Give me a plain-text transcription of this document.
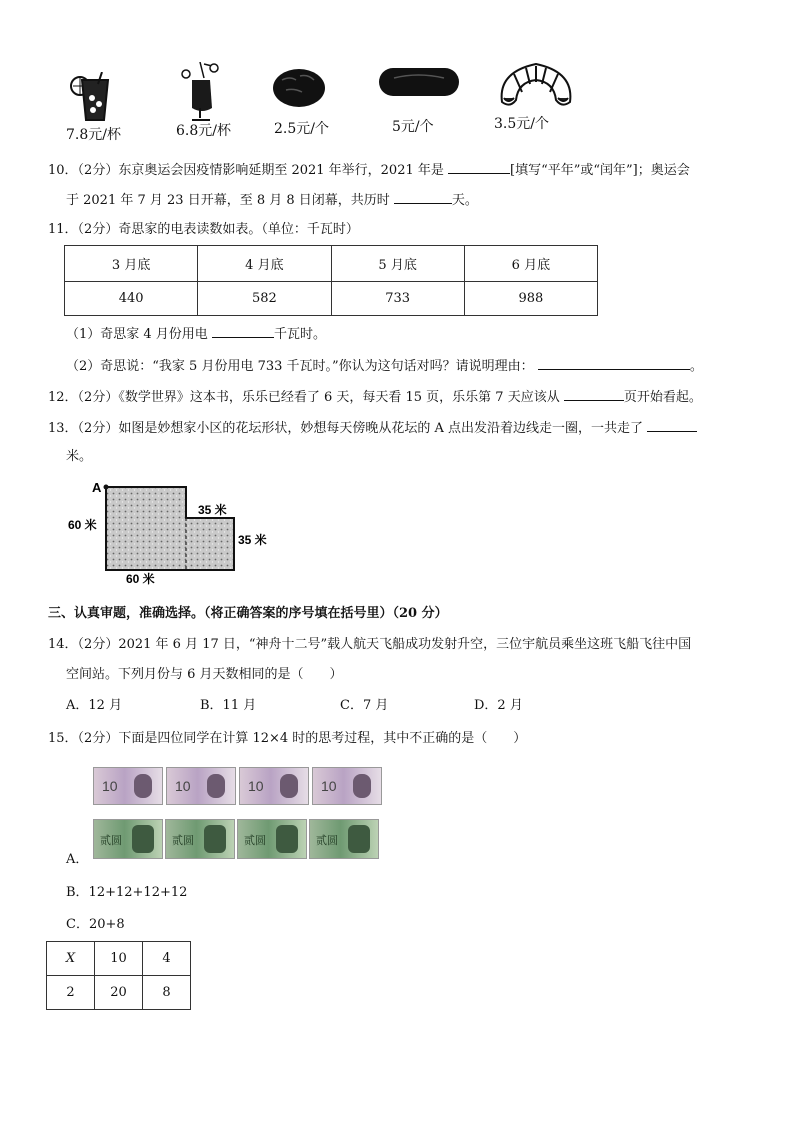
7.8元/杯	6.8元/杯	2.5元/个	5元/个	3.5元/个
10．（2分）东京奥运会因疫情影响延期至 2021 年举行，2021 年是	[填写“平年”或“闰年”]；奥运会
于 2021 年 7 月 23 日开幕，至 8 月 8 日闭幕，共历时	天。
11．（2分）奇思家的电表读数如表。（单位：千瓦时）
3 月底	4 月底	5 月底	6 月底
440	582	733	988
（1）奇思家 4 月份用电	千瓦时。
（2）奇思说：“我家 5 月份用电 733 千瓦时。”你认为这句话对吗？请说明理由：	。
12．（2分）《数学世界》这本书，乐乐已经看了 6 天，每天看 15 页，乐乐第 7 天应该从	页开始看起。
13．（2分）如图是妙想家小区的花坛形状，妙想每天傍晚从花坛的 A 点出发沿着边线走一圈，一共走了
米。
A
60 米
60 米
35 米
35 米
三、认真审题，准确选择。（将正确答案的序号填在括号里）（20 分）
14．（2分）2021 年 6 月 17 日，“神舟十二号”载人航天飞船成功发射升空，三位宇航员乘坐这班飞船飞往中国
空间站。下列月份与 6 月天数相同的是（　　）
A．12 月	B．11 月	C．7 月	D．2 月
15．（2分）下面是四位同学在计算 12×4 时的思考过程，其中不正确的是（　　）
10	10	10	10
贰圆	贰圆	贰圆	贰圆
A．
B．12+12+12+12
C．20+8
X	10	4
2	20	8
